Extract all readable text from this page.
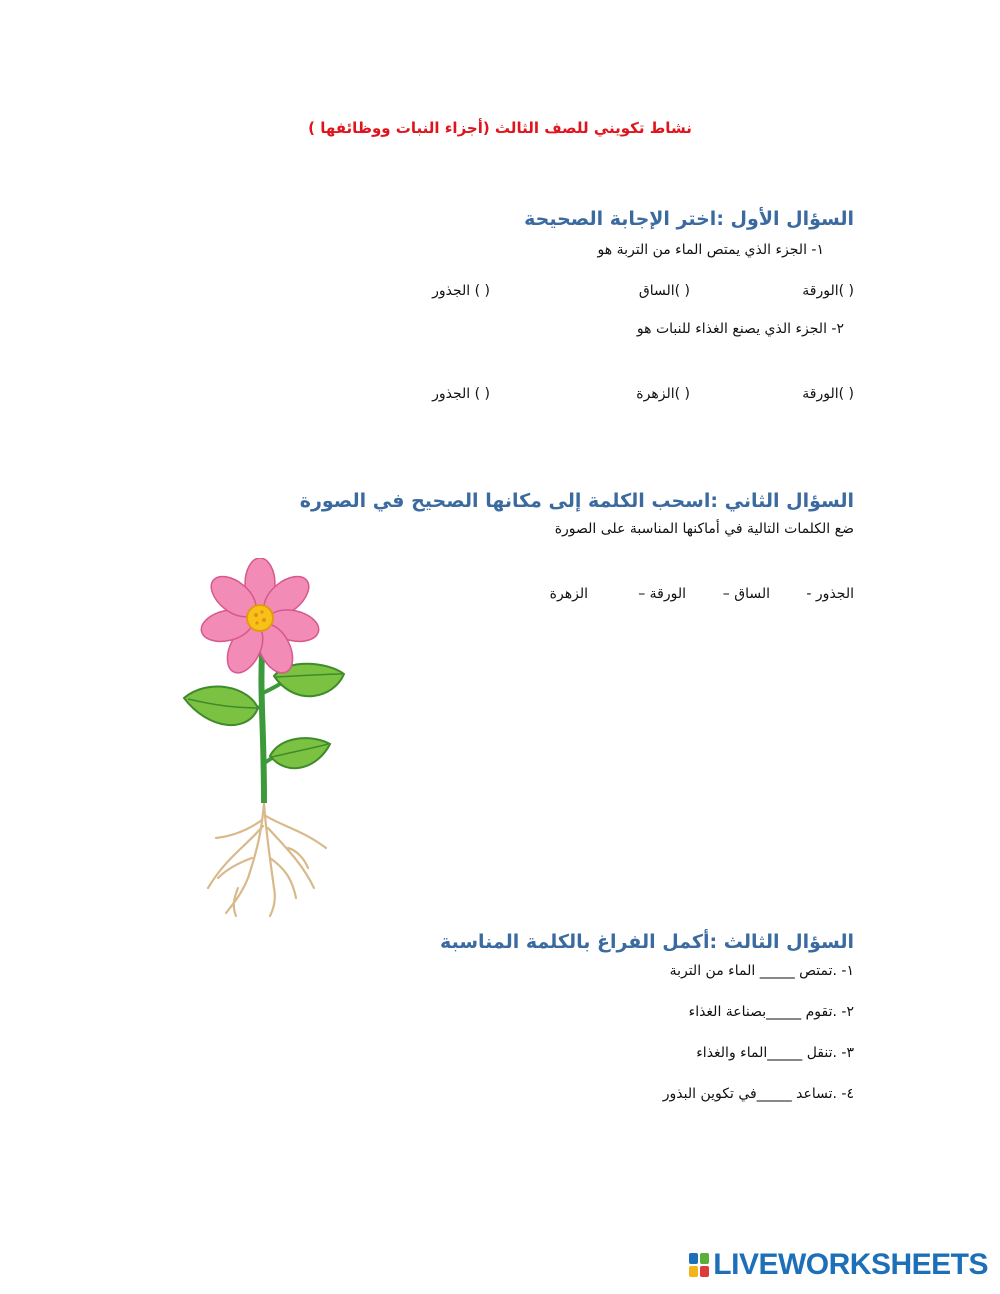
نشاط تكويني للصف الثالث (أجزاء النبات ووظائفها )
السؤال الأول :اختر الإجابة الصحيحة
١- الجزء الذي يمتص الماء من التربة هو
( )الورقة
( )الساق
( ) الجذور
٢- الجزء الذي يصنع الغذاء للنبات هو
( )الورقة
( )الزهرة
( ) الجذور
السؤال الثاني :اسحب الكلمة إلى مكانها الصحيح في الصورة
ضع الكلمات التالية في أماكنها المناسبة على الصورة
الجذور -
الساق –
الورقة –
الزهرة
السؤال الثالث :أكمل الفراغ بالكلمة المناسبة
١- .تمتص _____ الماء من التربة
٢- .تقوم _____بصناعة الغذاء
٣- .تنقل _____الماء والغذاء
٤- .تساعد _____في تكوين البذور
LIVEWORKSHEETS
